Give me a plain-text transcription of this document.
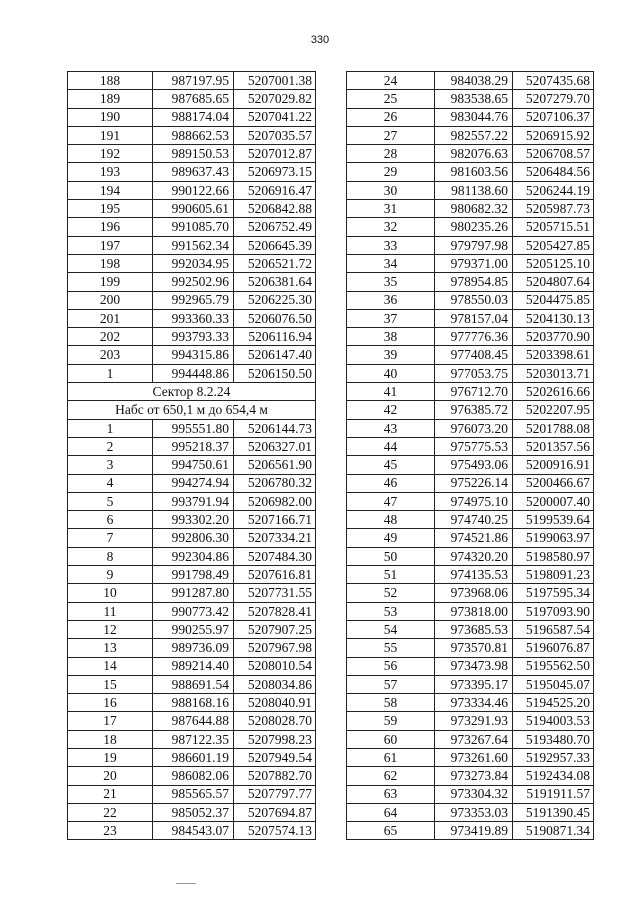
330
188	987197.95	5207001.38
189	987685.65	5207029.82
190	988174.04	5207041.22
191	988662.53	5207035.57
192	989150.53	5207012.87
193	989637.43	5206973.15
194	990122.66	5206916.47
195	990605.61	5206842.88
196	991085.70	5206752.49
197	991562.34	5206645.39
198	992034.95	5206521.72
199	992502.96	5206381.64
200	992965.79	5206225.30
201	993360.33	5206076.50
202	993793.33	5206116.94
203	994315.86	5206147.40
1	994448.86	5206150.50
Сектор 8.2.24		
Набс от 650,1 м до 654,4 м		
1	995551.80	5206144.73
2	995218.37	5206327.01
3	994750.61	5206561.90
4	994274.94	5206780.32
5	993791.94	5206982.00
6	993302.20	5207166.71
7	992806.30	5207334.21
8	992304.86	5207484.30
9	991798.49	5207616.81
10	991287.80	5207731.55
11	990773.42	5207828.41
12	990255.97	5207907.25
13	989736.09	5207967.98
14	989214.40	5208010.54
15	988691.54	5208034.86
16	988168.16	5208040.91
17	987644.88	5208028.70
18	987122.35	5207998.23
19	986601.19	5207949.54
20	986082.06	5207882.70
21	985565.57	5207797.77
22	985052.37	5207694.87
23	984543.07	5207574.13
24	984038.29	5207435.68
25	983538.65	5207279.70
26	983044.76	5207106.37
27	982557.22	5206915.92
28	982076.63	5206708.57
29	981603.56	5206484.56
30	981138.60	5206244.19
31	980682.32	5205987.73
32	980235.26	5205715.51
33	979797.98	5205427.85
34	979371.00	5205125.10
35	978954.85	5204807.64
36	978550.03	5204475.85
37	978157.04	5204130.13
38	977776.36	5203770.90
39	977408.45	5203398.61
40	977053.75	5203013.71
41	976712.70	5202616.66
42	976385.72	5202207.95
43	976073.20	5201788.08
44	975775.53	5201357.56
45	975493.06	5200916.91
46	975226.14	5200466.67
47	974975.10	5200007.40
48	974740.25	5199539.64
49	974521.86	5199063.97
50	974320.20	5198580.97
51	974135.53	5198091.23
52	973968.06	5197595.34
53	973818.00	5197093.90
54	973685.53	5196587.54
55	973570.81	5196076.87
56	973473.98	5195562.50
57	973395.17	5195045.07
58	973334.46	5194525.20
59	973291.93	5194003.53
60	973267.64	5193480.70
61	973261.60	5192957.33
62	973273.84	5192434.08
63	973304.32	5191911.57
64	973353.03	5191390.45
65	973419.89	5190871.34
